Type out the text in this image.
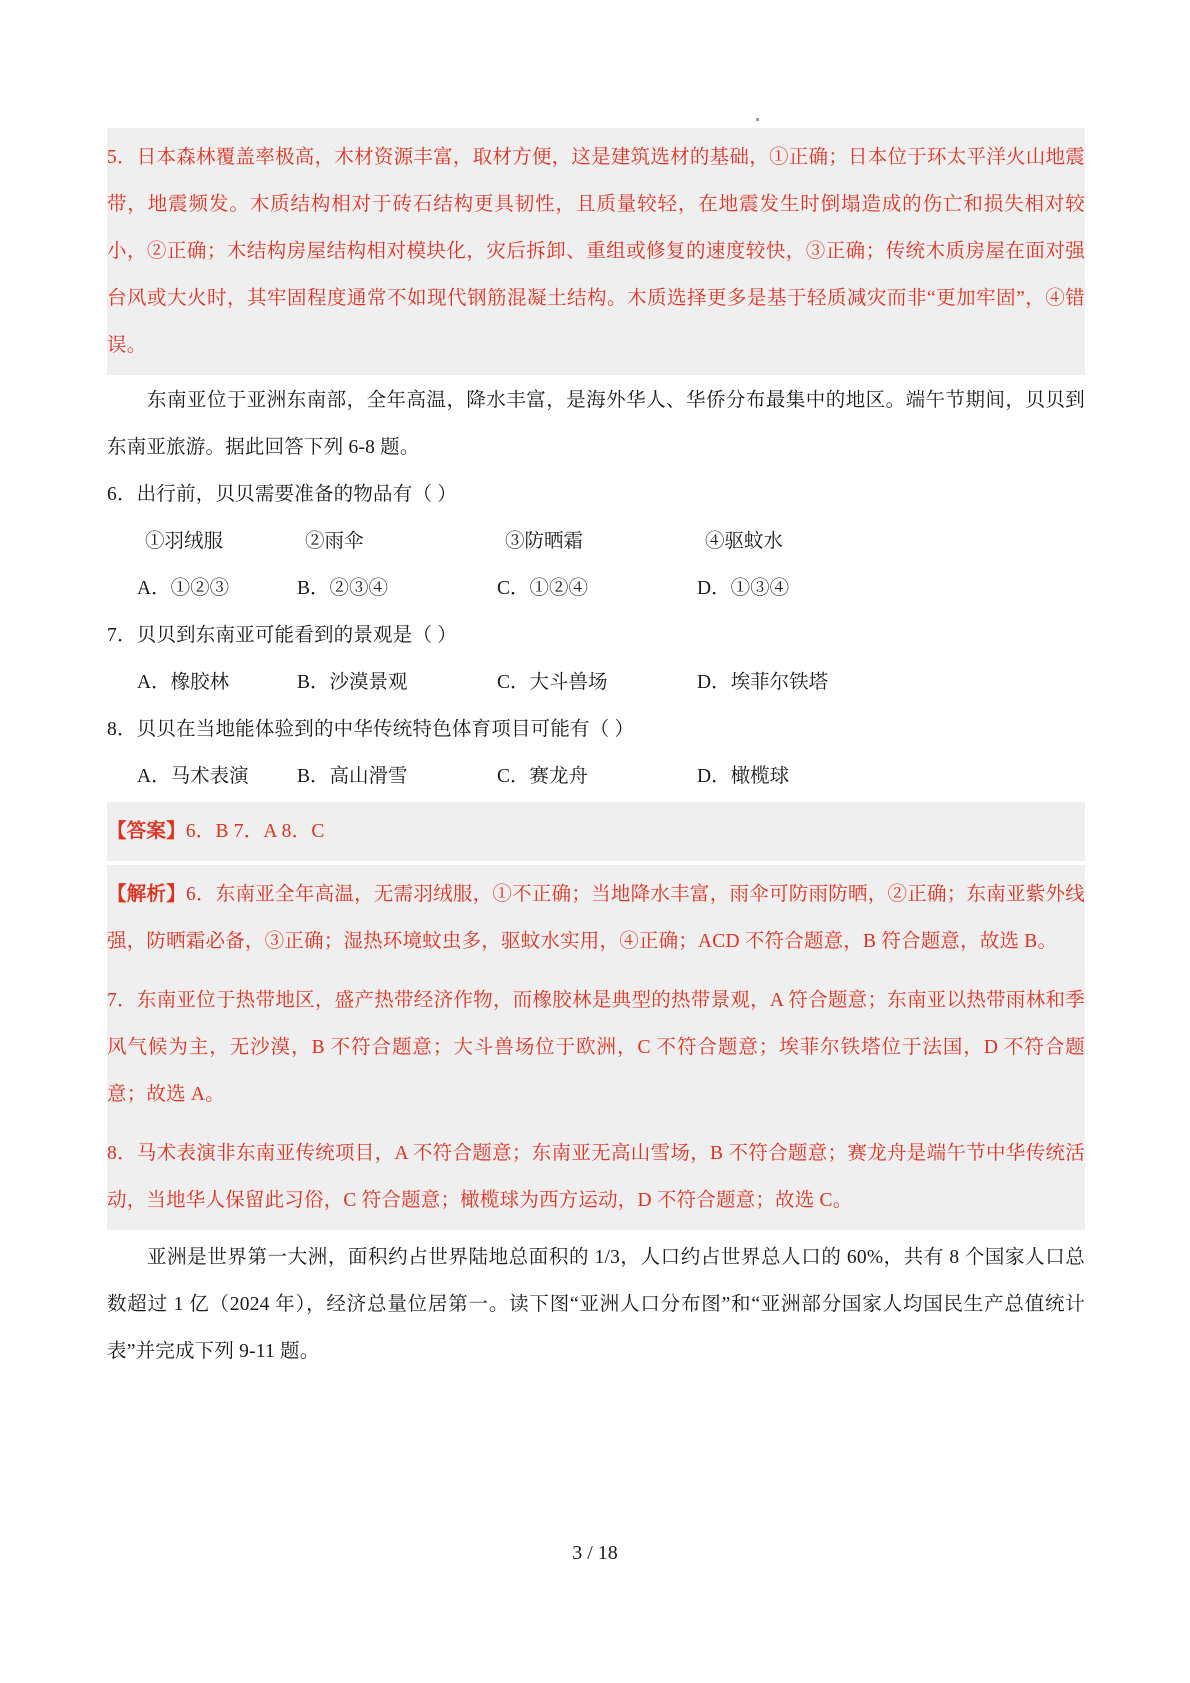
5．日本森林覆盖率极高，木材资源丰富，取材方便，这是建筑选材的基础，①正确；日本位于环太平洋火山地震带，地震频发。木质结构相对于砖石结构更具韧性，且质量较轻，在地震发生时倒塌造成的伤亡和损失相对较小，②正确；木结构房屋结构相对模块化，灾后拆卸、重组或修复的速度较快，③正确；传统木质房屋在面对强台风或大火时，其牢固程度通常不如现代钢筋混凝土结构。木质选择更多是基于轻质减灾而非“更加牢固”，④错误。

东南亚位于亚洲东南部，全年高温，降水丰富，是海外华人、华侨分布最集中的地区。端午节期间，贝贝到东南亚旅游。据此回答下列 6-8 题。

6．出行前，贝贝需要准备的物品有（ ）

①羽绒服	②雨伞	③防晒霜	④驱蚊水
A．①②③	B．②③④	C．①②④	D．①③④

7．贝贝到东南亚可能看到的景观是（ ）

A．橡胶林	B．沙漠景观	C．大斗兽场	D．埃菲尔铁塔

8．贝贝在当地能体验到的中华传统特色体育项目可能有（ ）

A．马术表演	B．高山滑雪	C．赛龙舟	D．橄榄球

【答案】6．B 7．A 8．C

【解析】6．东南亚全年高温，无需羽绒服，①不正确；当地降水丰富，雨伞可防雨防晒，②正确；东南亚紫外线强，防晒霜必备，③正确；湿热环境蚊虫多，驱蚊水实用，④正确；ACD 不符合题意，B 符合题意，故选 B。

7．东南亚位于热带地区，盛产热带经济作物，而橡胶林是典型的热带景观，A 符合题意；东南亚以热带雨林和季风气候为主，无沙漠，B 不符合题意；大斗兽场位于欧洲，C 不符合题意；埃菲尔铁塔位于法国，D 不符合题意；故选 A。

8．马术表演非东南亚传统项目，A 不符合题意；东南亚无高山雪场，B 不符合题意；赛龙舟是端午节中华传统活动，当地华人保留此习俗，C 符合题意；橄榄球为西方运动，D 不符合题意；故选 C。

亚洲是世界第一大洲，面积约占世界陆地总面积的 1/3，人口约占世界总人口的 60%，共有 8 个国家人口总数超过 1 亿（2024 年），经济总量位居第一。读下图“亚洲人口分布图”和“亚洲部分国家人均国民生产总值统计表”并完成下列 9-11 题。

3 / 18
